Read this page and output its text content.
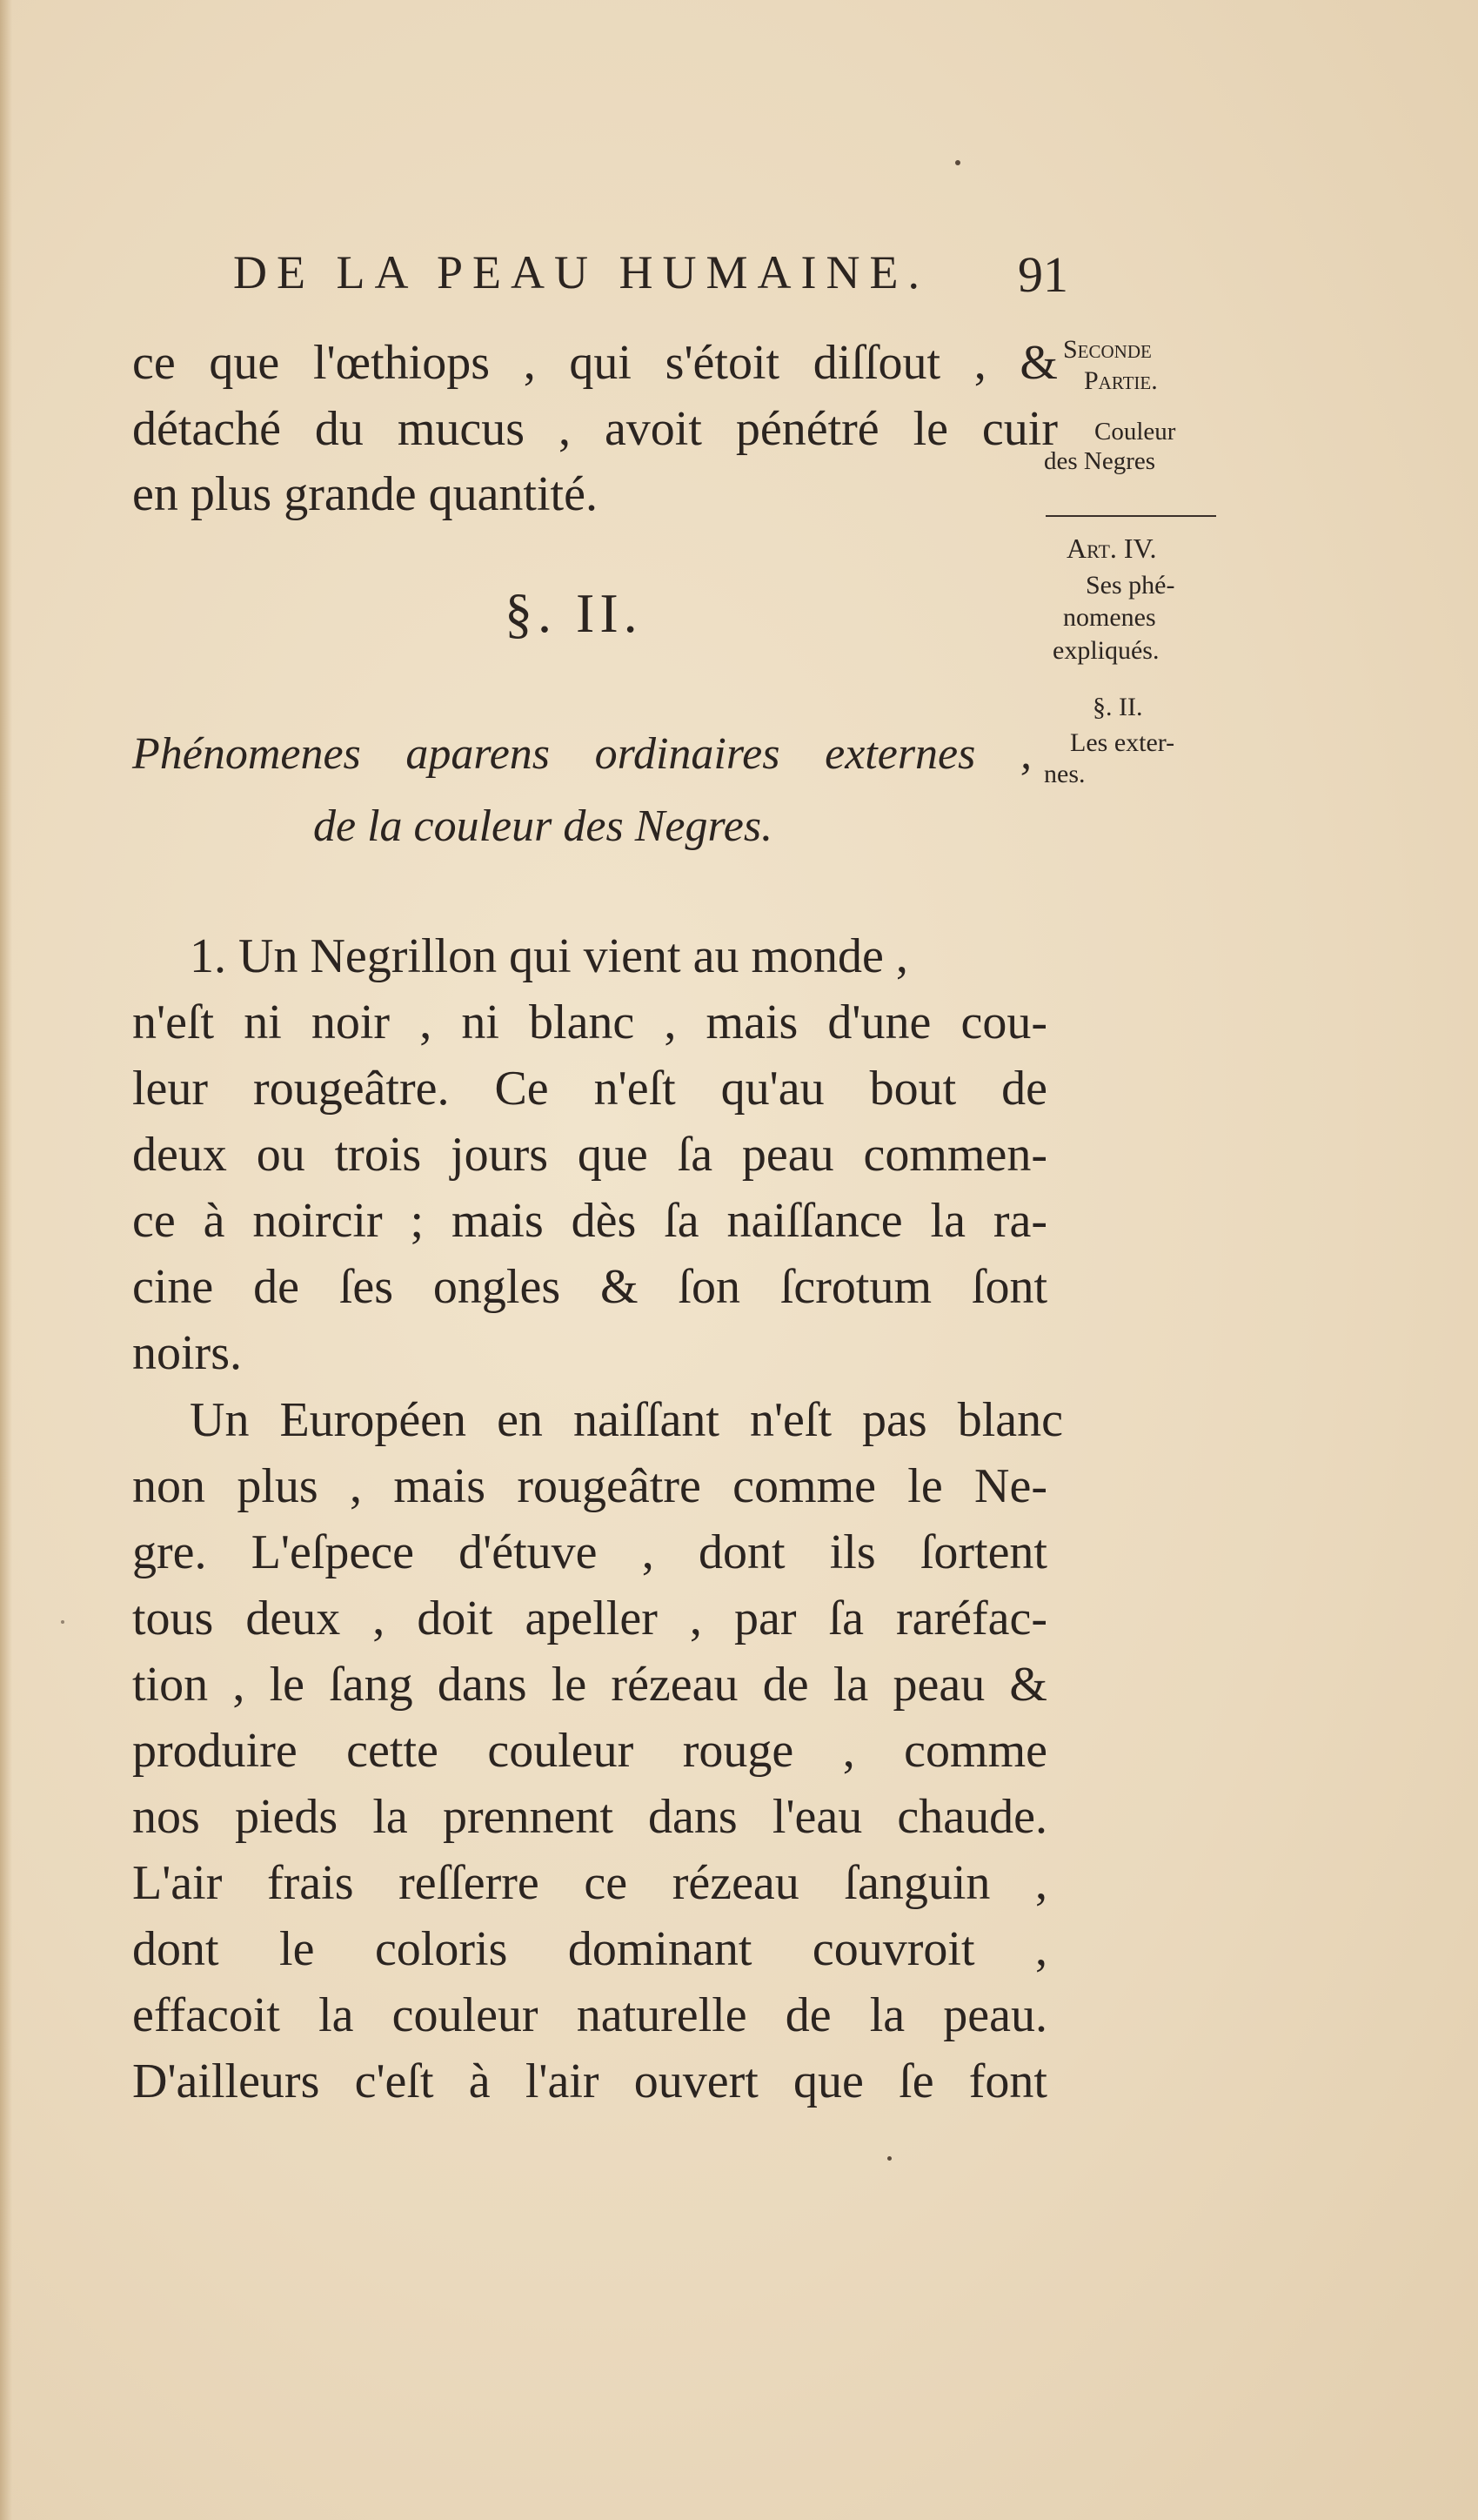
DE LA PEAU HUMAINE. 91
ce que l'œthiops , qui s'étoit diſſout , &
détaché du mucus , avoit pénétré le cuir
en plus grande quantité.
§. II.
Phénomenes aparens ordinaires externes ,
de la couleur des Negres.
1. Un Negrillon qui vient au monde ,
n'eſt ni noir , ni blanc , mais d'une cou-
leur rougeâtre. Ce n'eſt qu'au bout de
deux ou trois jours que ſa peau commen-
ce à noircir ; mais dès ſa naiſſance la ra-
cine de ſes ongles & ſon ſcrotum ſont
noirs.
Un Européen en naiſſant n'eſt pas blanc
non plus , mais rougeâtre comme le Ne-
gre. L'eſpece d'étuve , dont ils ſortent
tous deux , doit apeller , par ſa raréfac-
tion , le ſang dans le rézeau de la peau &
produire cette couleur rouge , comme
nos pieds la prennent dans l'eau chaude.
L'air frais reſſerre ce rézeau ſanguin ,
dont le coloris dominant couvroit ,
effacoit la couleur naturelle de la peau.
D'ailleurs c'eſt à l'air ouvert que ſe font
Seconde
Partie.
Couleur
des Negres
Art. IV.
Ses phé-
nomenes
expliqués.
§. II.
Les exter-
nes.
